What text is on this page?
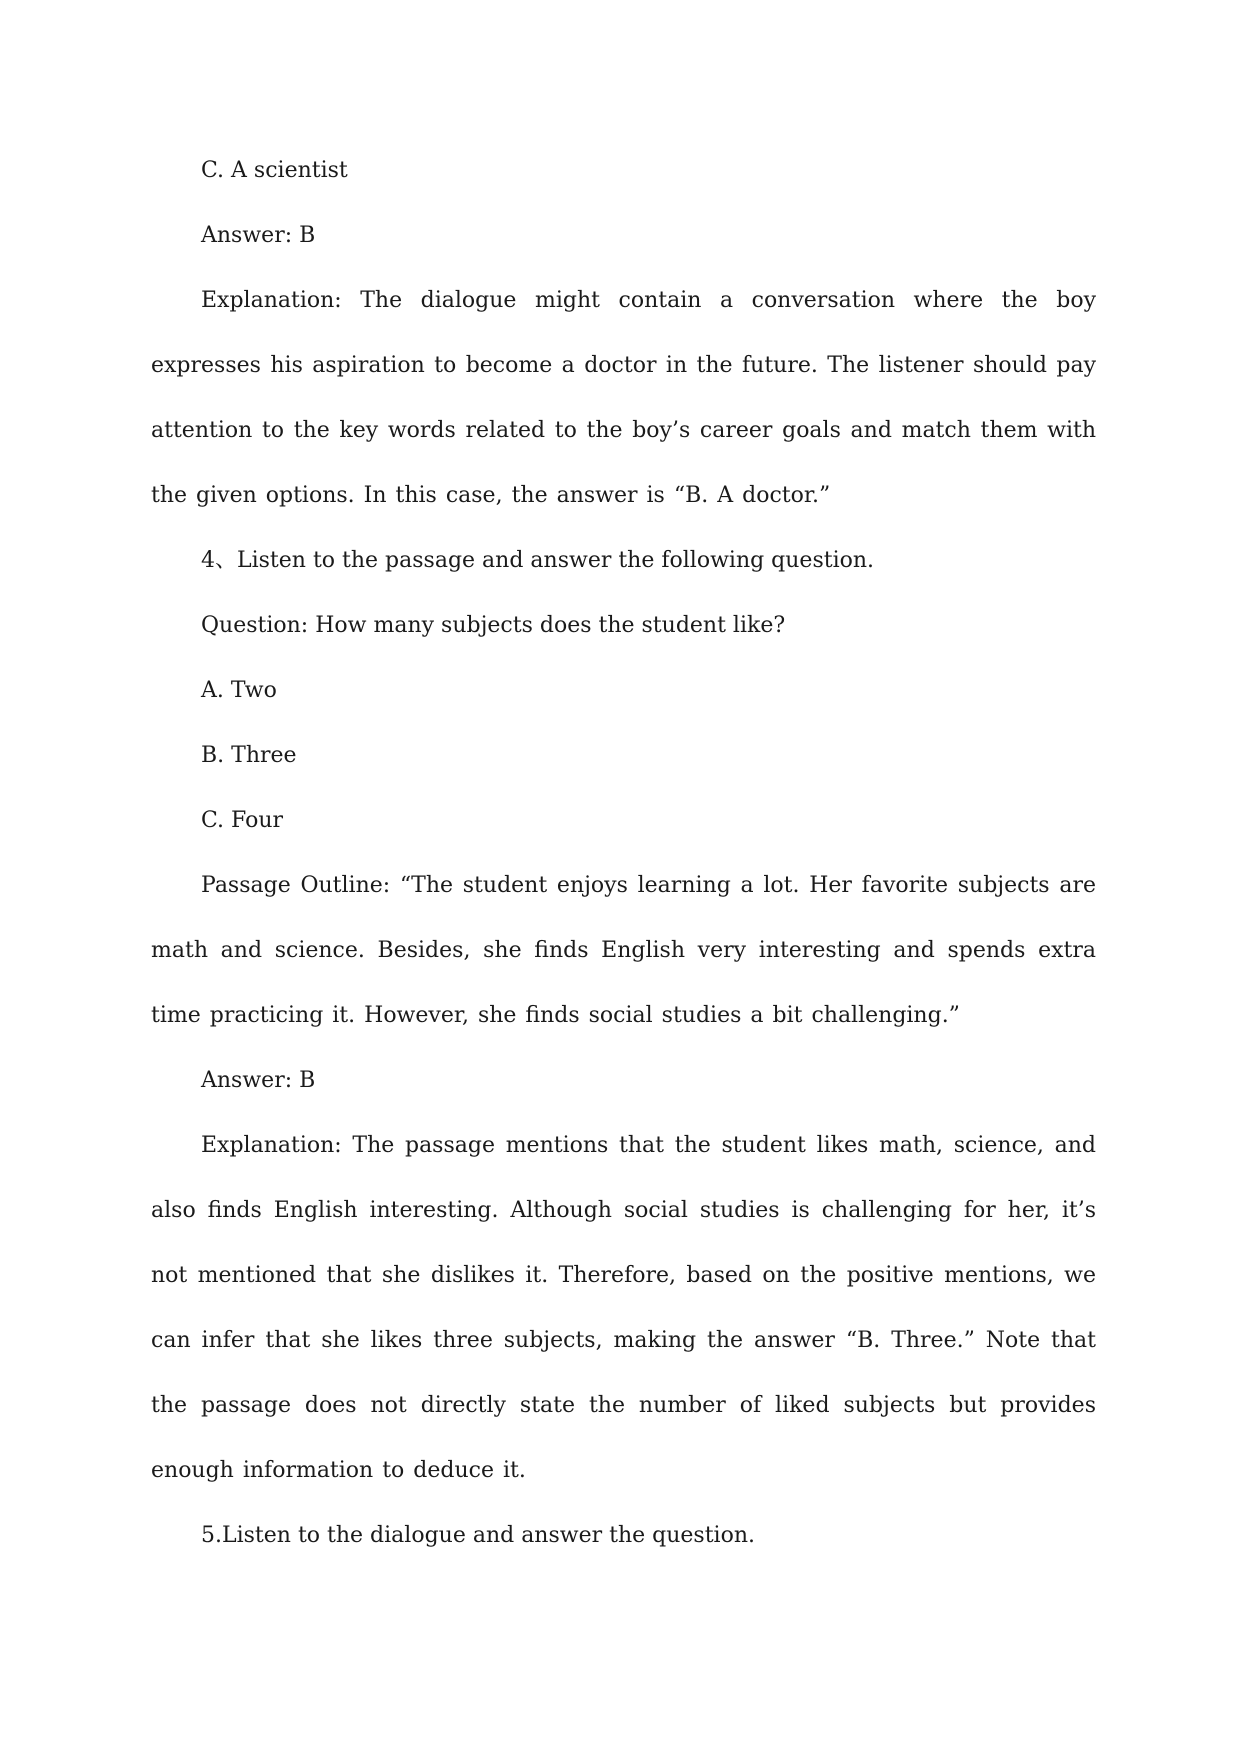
C. A scientist

Answer: B

Explanation: The dialogue might contain a conversation where the boy expresses his aspiration to become a doctor in the future. The listener should pay attention to the key words related to the boy’s career goals and match them with the given options. In this case, the answer is “B. A doctor.”

4、Listen to the passage and answer the following question.

Question: How many subjects does the student like?

A. Two

B. Three

C. Four

Passage Outline: “The student enjoys learning a lot. Her favorite subjects are math and science. Besides, she finds English very interesting and spends extra time practicing it. However, she finds social studies a bit challenging.”

Answer: B

Explanation: The passage mentions that the student likes math, science, and also finds English interesting. Although social studies is challenging for her, it’s not mentioned that she dislikes it. Therefore, based on the positive mentions, we can infer that she likes three subjects, making the answer “B. Three.” Note that the passage does not directly state the number of liked subjects but provides enough information to deduce it.

5.Listen to the dialogue and answer the question.
